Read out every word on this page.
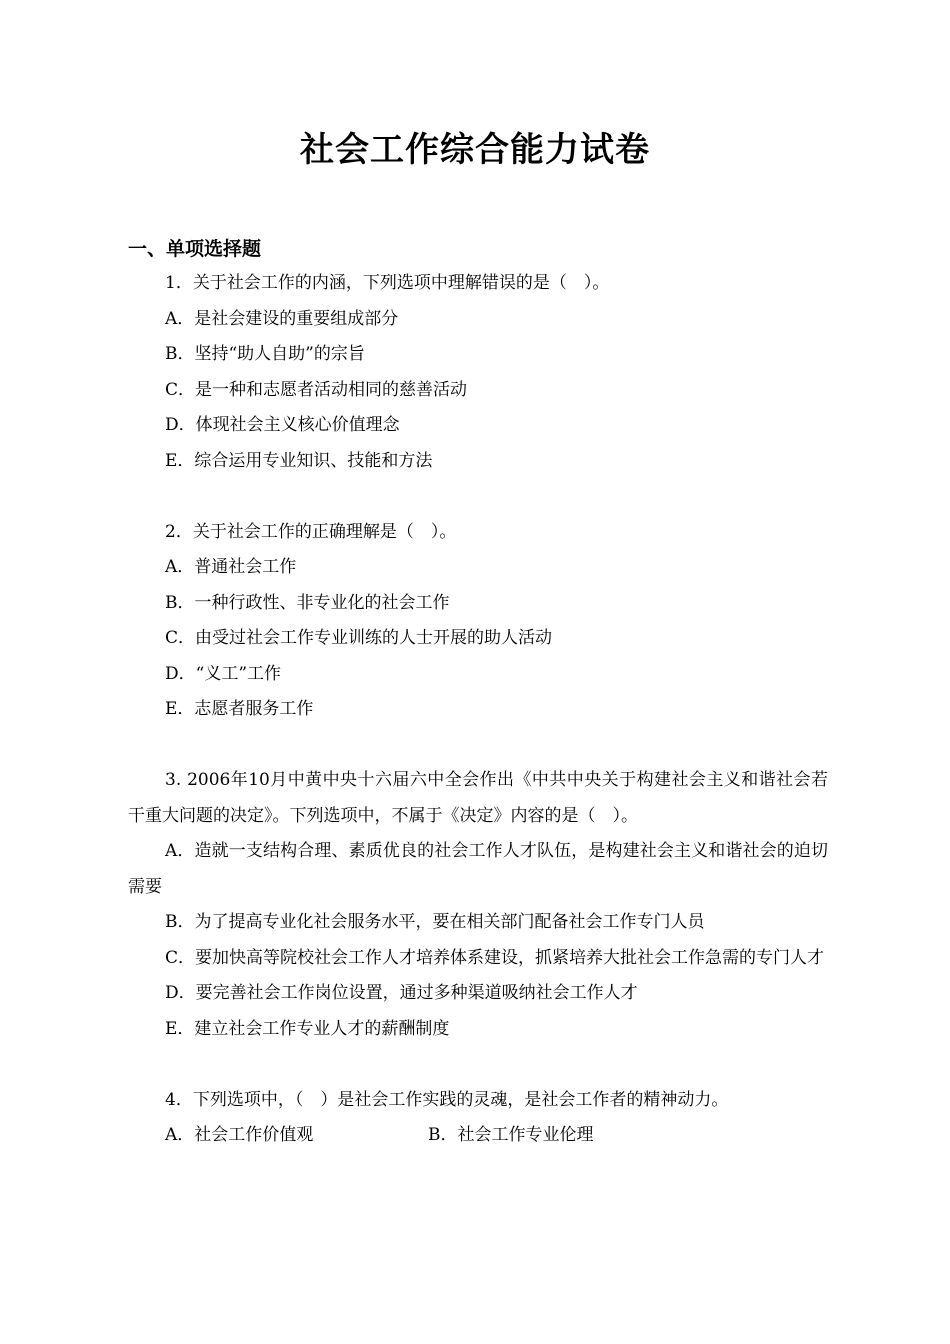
社会工作综合能力试卷
一、单项选择题

1．关于社会工作的内涵，下列选项中理解错误的是（　）。

A．是社会建设的重要组成部分

B．坚持“助人自助”的宗旨

C．是一种和志愿者活动相同的慈善活动

D．体现社会主义核心价值理念

E．综合运用专业知识、技能和方法

2．关于社会工作的正确理解是（　）。

A．普通社会工作

B．一种行政性、非专业化的社会工作

C．由受过社会工作专业训练的人士开展的助人活动

D．“义工”工作

E．志愿者服务工作

3. 2006年10月中黄中央十六届六中全会作出《中共中央关于构建社会主义和谐社会若干重大问题的决定》。下列选项中，不属于《决定》内容的是（　）。

A．造就一支结构合理、素质优良的社会工作人才队伍，是构建社会主义和谐社会的迫切需要

B．为了提高专业化社会服务水平，要在相关部门配备社会工作专门人员

C．要加快高等院校社会工作人才培养体系建设，抓紧培养大批社会工作急需的专门人才

D．要完善社会工作岗位设置，通过多种渠道吸纳社会工作人才

E．建立社会工作专业人才的薪酬制度

4．下列选项中，（　）是社会工作实践的灵魂，是社会工作者的精神动力。

A．社会工作价值观	B．社会工作专业伦理
